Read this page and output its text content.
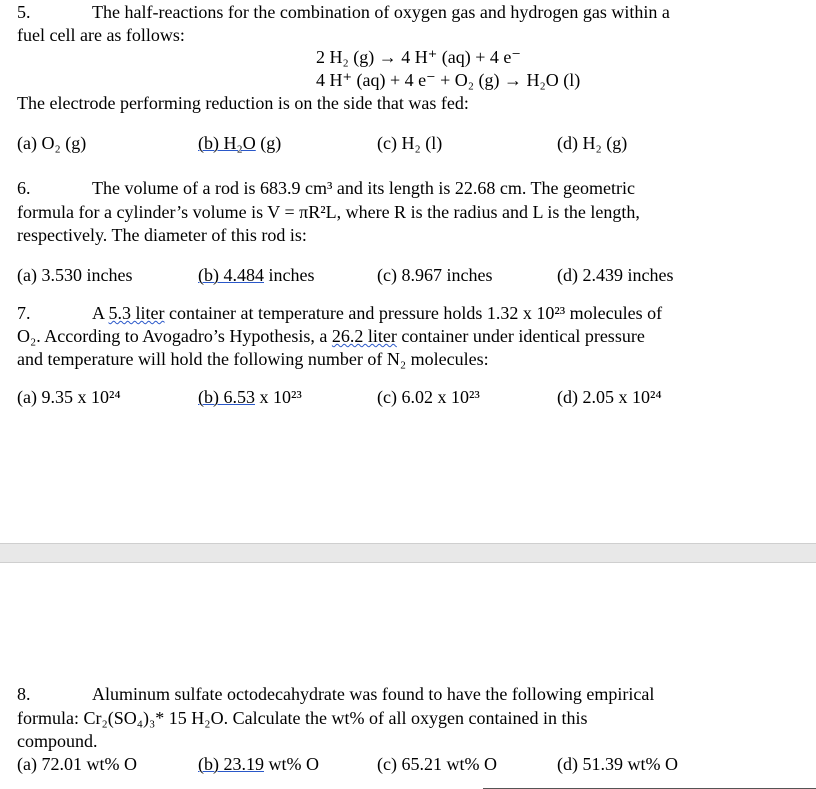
5.	The half-reactions for the combination of oxygen gas and hydrogen gas within a
fuel cell are as follows:
2 H₂ (g) → 4 H⁺ (aq) + 4 e⁻
4 H⁺ (aq) + 4 e⁻ + O₂ (g) → H₂O (l)
The electrode performing reduction is on the side that was fed:
(a) O₂ (g)	(b) H₂O (g)	(c) H₂ (l)	(d) H₂ (g)
6.	The volume of a rod is 683.9 cm³ and its length is 22.68 cm. The geometric
formula for a cylinder’s volume is V = πR²L, where R is the radius and L is the length,
respectively. The diameter of this rod is:
(a) 3.530 inches	(b) 4.484 inches	(c) 8.967 inches	(d) 2.439 inches
7.	A 5.3 liter container at temperature and pressure holds 1.32 x 10²³ molecules of
O₂. According to Avogadro’s Hypothesis, a 26.2 liter container under identical pressure
and temperature will hold the following number of N₂ molecules:
(a) 9.35 x 10²⁴	(b) 6.53 x 10²³	(c) 6.02 x 10²³	(d) 2.05 x 10²⁴
8.	Aluminum sulfate octodecahydrate was found to have the following empirical
formula: Cr₂(SO₄)₃* 15 H₂O. Calculate the wt% of all oxygen contained in this
compound.
(a) 72.01 wt% O	(b) 23.19 wt% O	(c) 65.21 wt% O	(d) 51.39 wt% O
